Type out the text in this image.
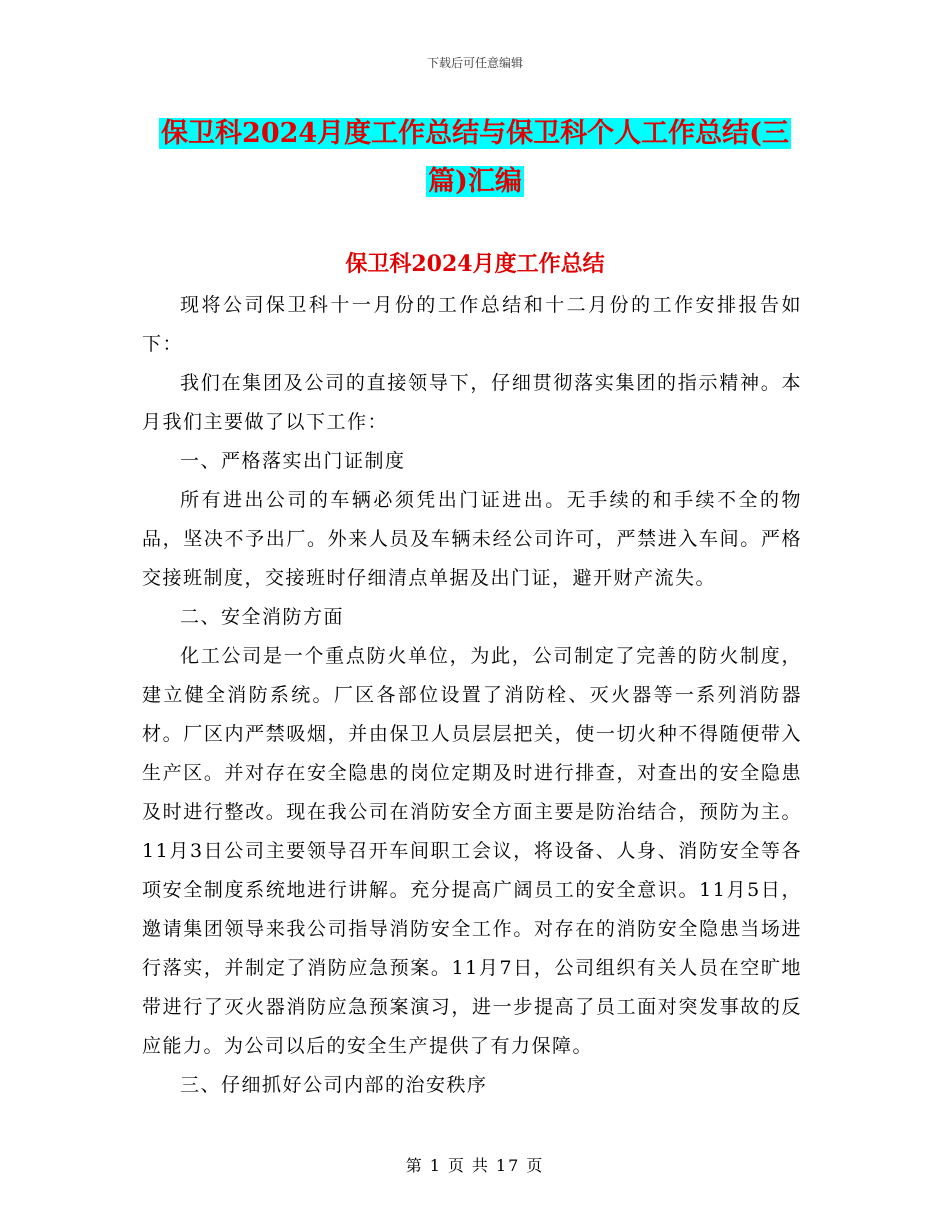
下载后可任意编辑
保卫科2024月度工作总结与保卫科个人工作总结(三
篇)汇编
保卫科2024月度工作总结

现将公司保卫科十一月份的工作总结和十二月份的工作安排报告如下：

我们在集团及公司的直接领导下，仔细贯彻落实集团的指示精神。本月我们主要做了以下工作：

一、严格落实出门证制度

所有进出公司的车辆必须凭出门证进出。无手续的和手续不全的物品，坚决不予出厂。外来人员及车辆未经公司许可，严禁进入车间。严格交接班制度，交接班时仔细清点单据及出门证，避开财产流失。

二、安全消防方面

化工公司是一个重点防火单位，为此，公司制定了完善的防火制度，建立健全消防系统。厂区各部位设置了消防栓、灭火器等一系列消防器材。厂区内严禁吸烟，并由保卫人员层层把关，使一切火种不得随便带入生产区。并对存在安全隐患的岗位定期及时进行排查，对查出的安全隐患及时进行整改。现在我公司在消防安全方面主要是防治结合，预防为主。11月3日公司主要领导召开车间职工会议，将设备、人身、消防安全等各项安全制度系统地进行讲解。充分提高广阔员工的安全意识。11月5日，邀请集团领导来我公司指导消防安全工作。对存在的消防安全隐患当场进行落实，并制定了消防应急预案。11月7日，公司组织有关人员在空旷地带进行了灭火器消防应急预案演习，进一步提高了员工面对突发事故的反应能力。为公司以后的安全生产提供了有力保障。

三、仔细抓好公司内部的治安秩序

第 1 页 共 17 页
